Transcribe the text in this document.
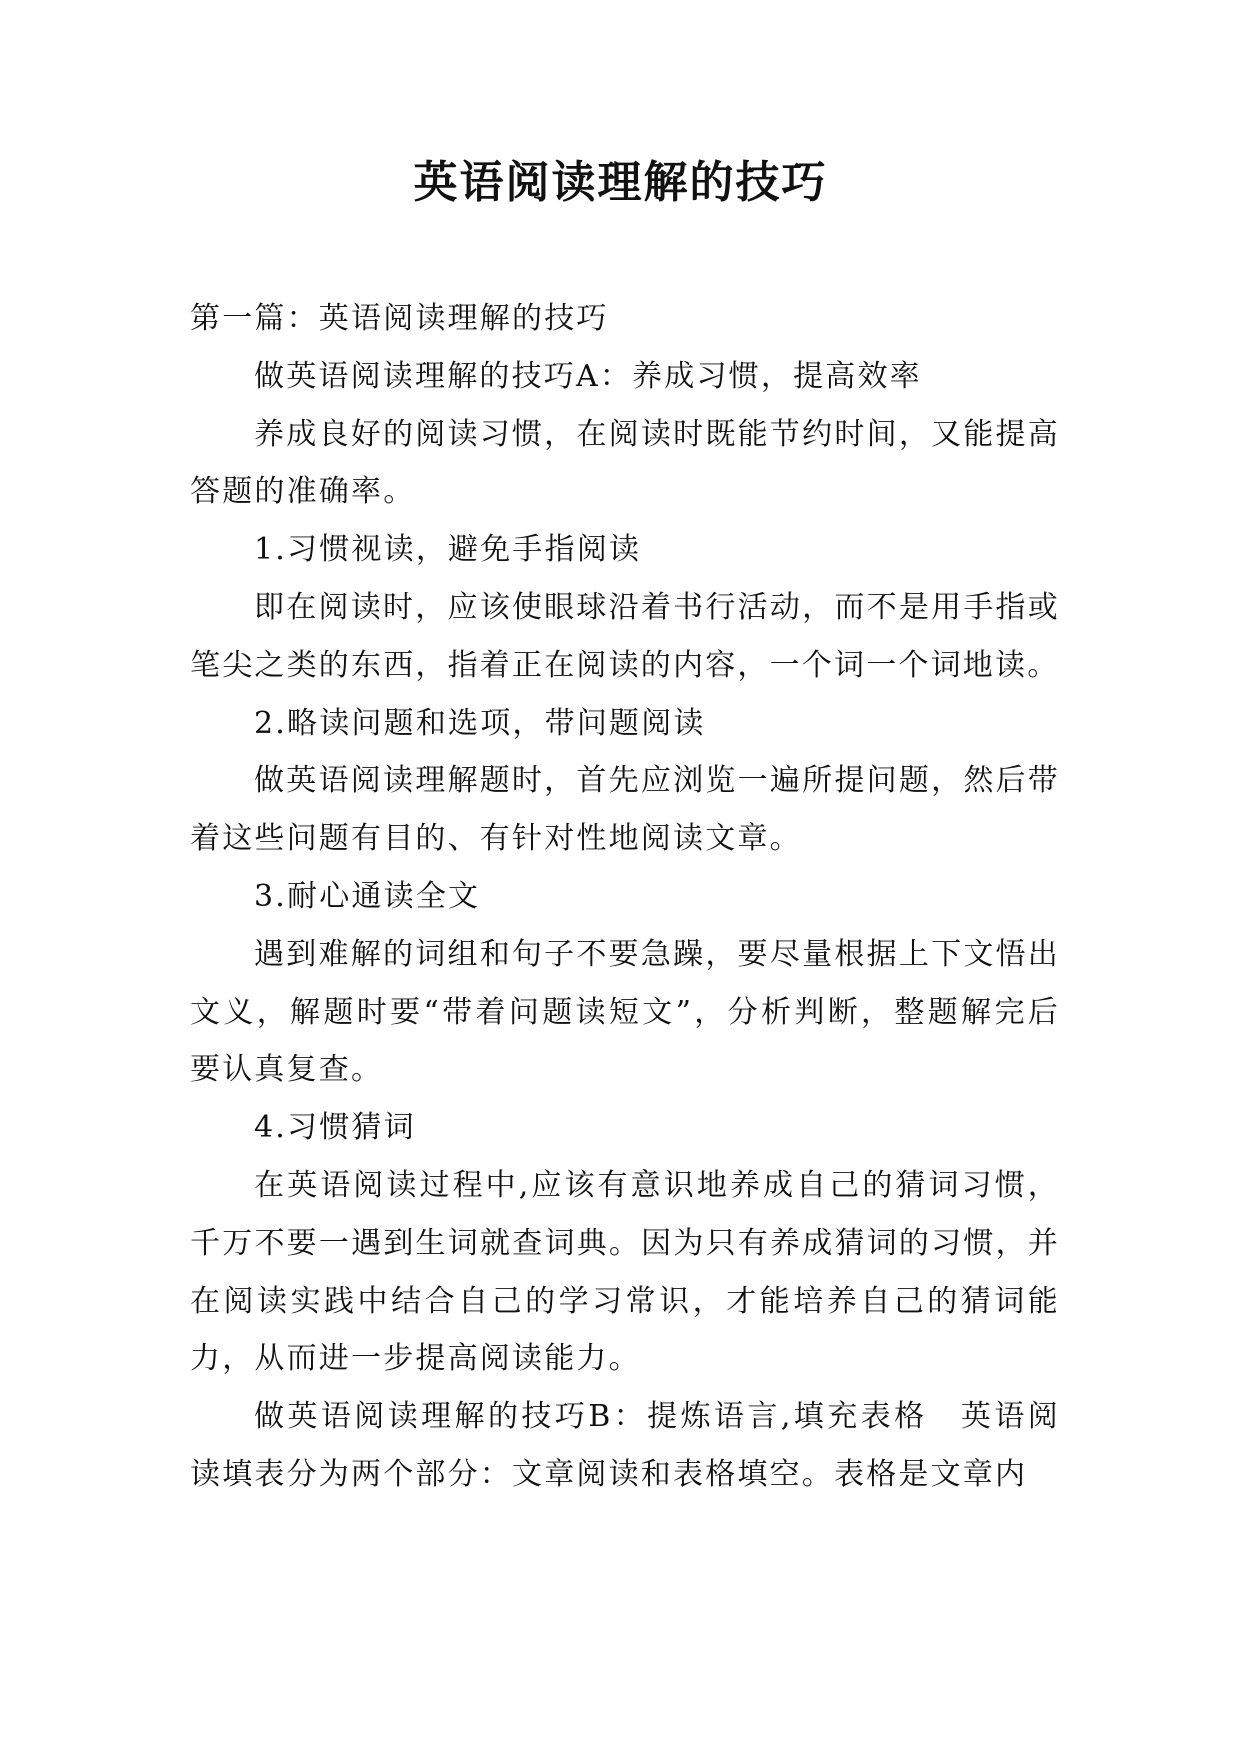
英语阅读理解的技巧

第一篇：英语阅读理解的技巧

做英语阅读理解的技巧A：养成习惯，提高效率

养成良好的阅读习惯，在阅读时既能节约时间，又能提高答题的准确率。

1.习惯视读，避免手指阅读

即在阅读时，应该使眼球沿着书行活动，而不是用手指或笔尖之类的东西，指着正在阅读的内容，一个词一个词地读。

2.略读问题和选项，带问题阅读

做英语阅读理解题时，首先应浏览一遍所提问题，然后带着这些问题有目的、有针对性地阅读文章。

3.耐心通读全文

遇到难解的词组和句子不要急躁，要尽量根据上下文悟出文义，解题时要“带着问题读短文”，分析判断，整题解完后要认真复查。

4.习惯猜词

在英语阅读过程中,应该有意识地养成自己的猜词习惯，千万不要一遇到生词就查词典。因为只有养成猜词的习惯，并在阅读实践中结合自己的学习常识，才能培养自己的猜词能力，从而进一步提高阅读能力。

做英语阅读理解的技巧B：提炼语言,填充表格　英语阅读填表分为两个部分：文章阅读和表格填空。表格是文章内
